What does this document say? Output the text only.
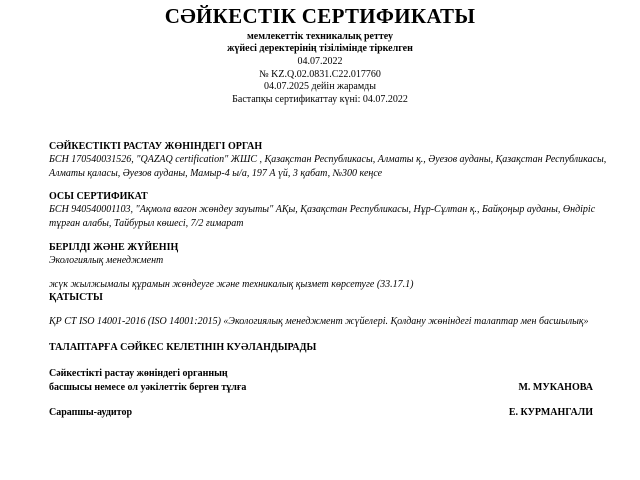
СӘЙКЕСТІК СЕРТИФИКАТЫ
мемлекеттік техникалық реттеу
жүйесі деректерінің тізілімінде тіркелген
04.07.2022
№ KZ.Q.02.0831.C22.017760
04.07.2025 дейін жарамды
Бастапқы сертификаттау күні: 04.07.2022
СӘЙКЕСТІКТІ РАСТАУ ЖӨНІНДЕГІ ОРГАН
БСН 170540031526, "QAZAQ certification" ЖШС , Қазақстан Республикасы, Алматы қ., Әуезов ауданы, Қазақстан Республикасы, Алматы қаласы, Әуезов ауданы, Мамыр-4 ы/а, 197 А үй, 3 қабат, №300 кеңсе
ОСЫ СЕРТИФИКАТ
БСН 940540001103, "Ақмола вагон жөндеу зауыты" АҚы, Қазақстан Республикасы, Нұр-Сұлтан қ., Байқоңыр ауданы, Өндіріс тұрған алабы, Тайбурыл көшесі, 7/2 ғимарат
БЕРІЛДІ ЖӘНЕ ЖҮЙЕНІҢ
Экологиялық менеджмент
жүк жылжымалы құрамын жөндеуге және техникалық қызмет көрсетуге (33.17.1)
ҚАТЫСТЫ
ҚР СТ ISO 14001-2016 (ISO 14001:2015) «Экологиялық менеджмент жүйелері. Қолдану жөніндегі талаптар мен басшылық»
ТАЛАПТАРҒА СӘЙКЕС КЕЛЕТІНІН КУӘЛАНДЫРАДЫ
Сәйкестікті растау жөніндегі органның
басшысы немесе ол уәкілеттік берген тұлға	М. МУКАНОВА
Сарапшы-аудитор	Е. КУРМАНГАЛИ
